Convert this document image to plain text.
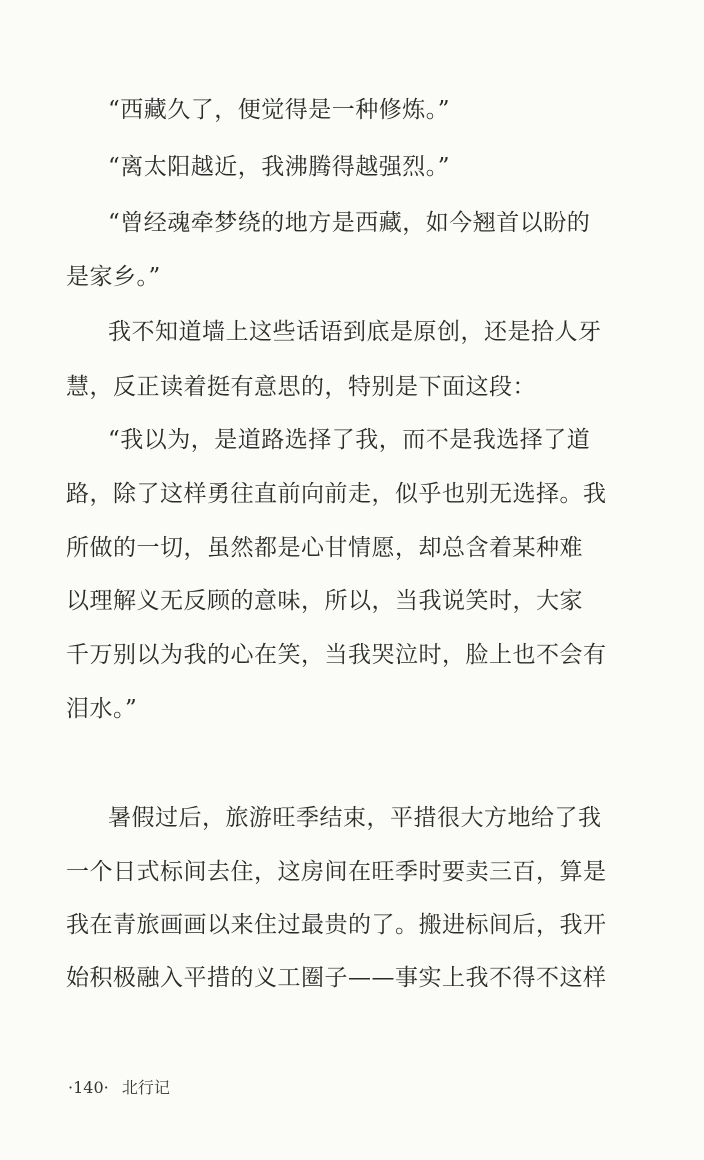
“西藏久了，便觉得是一种修炼。”
“离太阳越近，我沸腾得越强烈。”
“曾经魂牵梦绕的地方是西藏，如今翘首以盼的
是家乡。”
我不知道墙上这些话语到底是原创，还是拾人牙
慧，反正读着挺有意思的，特别是下面这段：
“我以为，是道路选择了我，而不是我选择了道
路，除了这样勇往直前向前走，似乎也别无选择。我
所做的一切，虽然都是心甘情愿，却总含着某种难
以理解义无反顾的意味，所以，当我说笑时，大家
千万别以为我的心在笑，当我哭泣时，脸上也不会有
泪水。”
暑假过后，旅游旺季结束，平措很大方地给了我
一个日式标间去住，这房间在旺季时要卖三百，算是
我在青旅画画以来住过最贵的了。搬进标间后，我开
始积极融入平措的义工圈子——事实上我不得不这样
·140· 北行记
